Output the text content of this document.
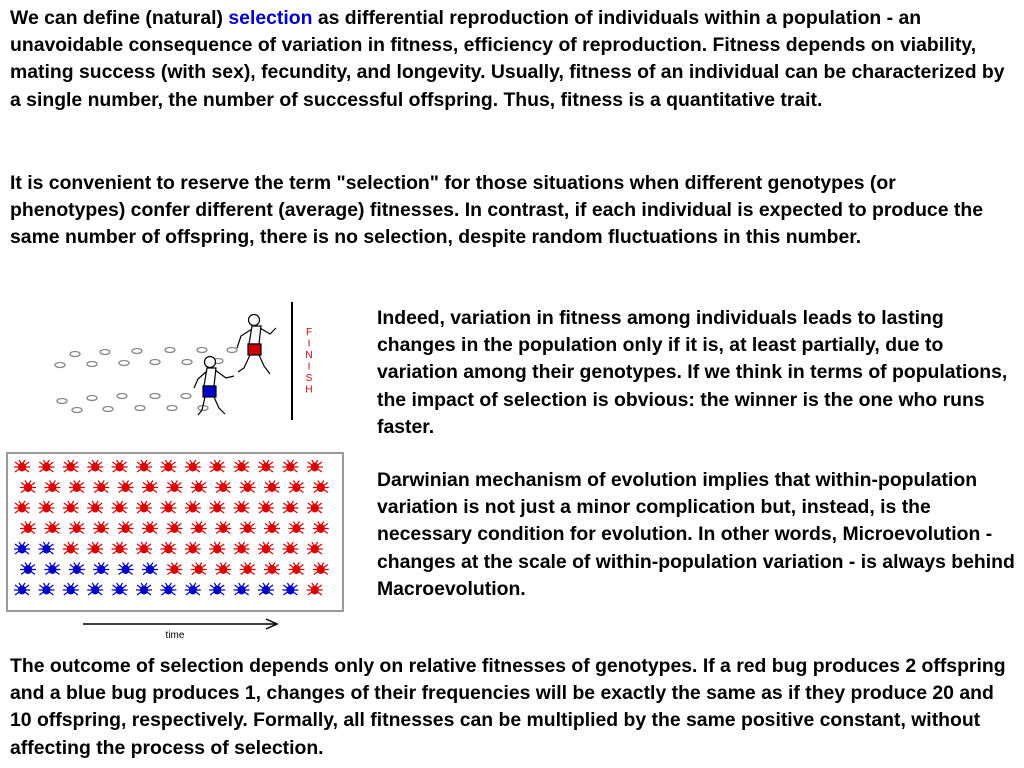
We can define (natural) selection as differential reproduction of individuals within a population - an unavoidable consequence of variation in fitness, efficiency of reproduction. Fitness depends on viability, mating success (with sex), fecundity, and longevity. Usually, fitness of an individual can be characterized by a single number, the number of successful offspring. Thus, fitness is a quantitative trait.

It is convenient to reserve the term "selection" for those situations when different genotypes (or phenotypes) confer different (average) fitnesses. In contrast, if each individual is expected to produce the same number of offspring, there is no selection, despite random fluctuations in this number.

Indeed, variation in fitness among individuals leads to lasting changes in the population only if it is, at least partially, due to variation among their genotypes. If we think in terms of populations, the impact of selection is obvious: the winner is the one who runs faster.

Darwinian mechanism of evolution implies that within-population variation is not just a minor complication but, instead, is the necessary condition for evolution. In other words, Microevolution - changes at the scale of within-population variation - is always behind Macroevolution.

The outcome of selection depends only on relative fitnesses of genotypes. If a red bug produces 2 offspring and a blue bug produces 1, changes of their frequencies will be exactly the same as if they produce 20 and 10 offspring, respectively. Formally, all fitnesses can be multiplied by the same positive constant, without affecting the process of selection.

F
I
N
I
S
H
time
